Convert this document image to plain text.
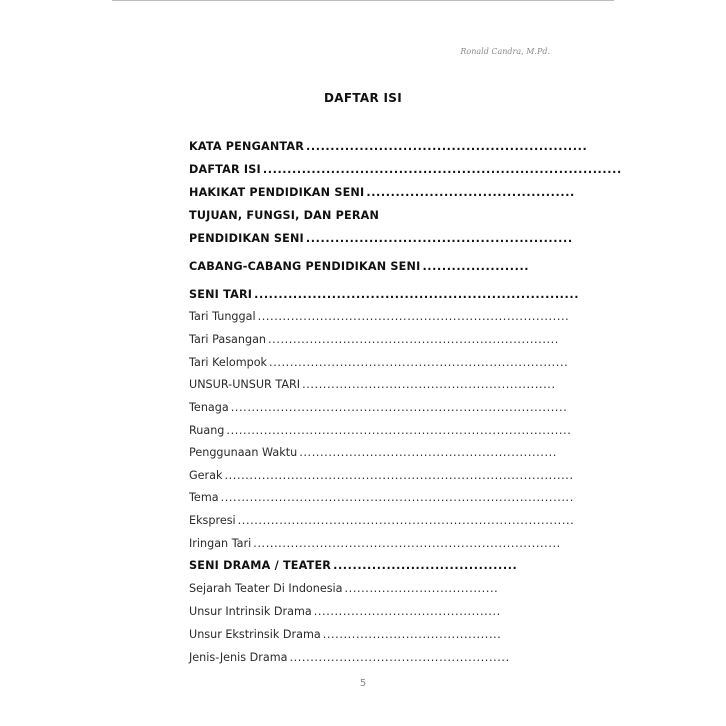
Ronald Candra, M.Pd.
DAFTAR ISI
KATA PENGANTAR ..........................................................
DAFTAR ISI ..........................................................................
HAKIKAT PENDIDIKAN SENI ...........................................
TUJUAN, FUNGSI, DAN PERAN
PENDIDIKAN SENI .......................................................
CABANG-CABANG PENDIDIKAN SENI ......................
SENI TARI ...................................................................
Tari Tunggal ...........................................................................
Tari Pasangan ......................................................................
Tari Kelompok ........................................................................
UNSUR-UNSUR TARI .............................................................
Tenaga .................................................................................
Ruang ...................................................................................
Penggunaan Waktu ..............................................................
Gerak ....................................................................................
Tema .....................................................................................
Ekspresi .................................................................................
Iringan Tari ..........................................................................
SENI DRAMA / TEATER ......................................
Sejarah Teater Di Indonesia .....................................
Unsur Intrinsik Drama .............................................
Unsur Ekstrinsik Drama ...........................................
Jenis-Jenis Drama .....................................................
5
